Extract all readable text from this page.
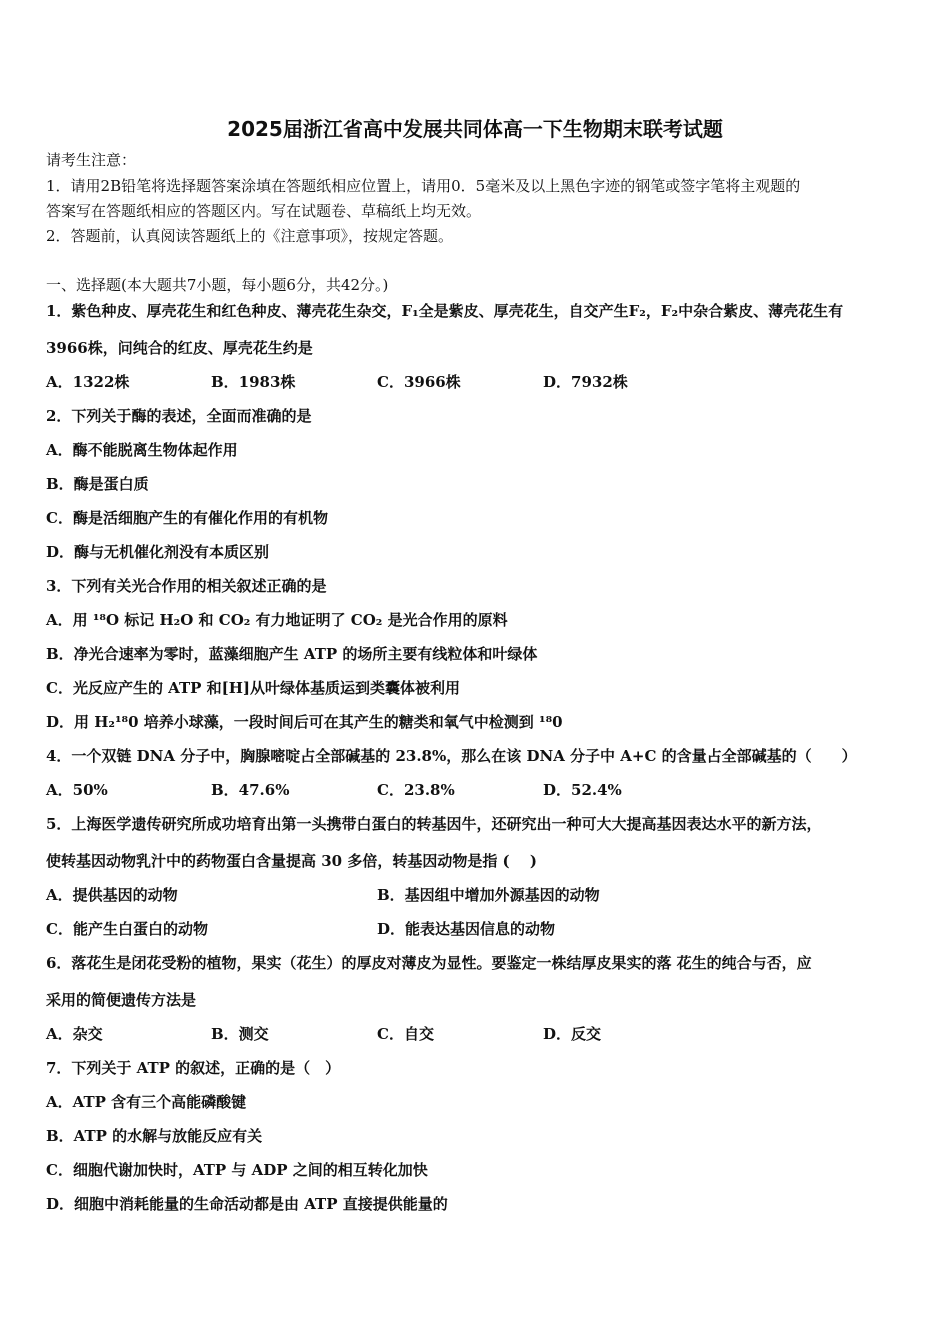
2025届浙江省高中发展共同体高一下生物期末联考试题
请考生注意：
1．请用2B铅笔将选择题答案涂填在答题纸相应位置上，请用0．5毫米及以上黑色字迹的钢笔或签字笔将主观题的
答案写在答题纸相应的答题区内。写在试题卷、草稿纸上均无效。
2．答题前，认真阅读答题纸上的《注意事项》，按规定答题。
一、选择题(本大题共7小题，每小题6分，共42分。)
1．紫色种皮、厚壳花生和红色种皮、薄壳花生杂交，F₁全是紫皮、厚壳花生，自交产生F₂，F₂中杂合紫皮、薄壳花生有
3966株，问纯合的红皮、厚壳花生约是
A．1322株	B．1983株	C．3966株	D．7932株
2．下列关于酶的表述，全面而准确的是
A．酶不能脱离生物体起作用
B．酶是蛋白质
C．酶是活细胞产生的有催化作用的有机物
D．酶与无机催化剂没有本质区别
3．下列有关光合作用的相关叙述正确的是
A．用 ¹⁸O 标记 H₂O 和 CO₂ 有力地证明了 CO₂ 是光合作用的原料
B．净光合速率为零时，蓝藻细胞产生 ATP 的场所主要有线粒体和叶绿体
C．光反应产生的 ATP 和[H]从叶绿体基质运到类囊体被利用
D．用 H₂¹⁸0 培养小球藻，一段时间后可在其产生的糖类和氧气中检测到 ¹⁸0
4．一个双链 DNA 分子中，胸腺嘧啶占全部碱基的 23.8%，那么在该 DNA 分子中 A+C 的含量占全部碱基的（　　）
A．50%	B．47.6%	C．23.8%	D．52.4%
5．上海医学遗传研究所成功培育出第一头携带白蛋白的转基因牛，还研究出一种可大大提高基因表达水平的新方法，
使转基因动物乳汁中的药物蛋白含量提高 30 多倍，转基因动物是指 (　 )
A．提供基因的动物	B．基因组中增加外源基因的动物
C．能产生白蛋白的动物	D．能表达基因信息的动物
6．落花生是闭花受粉的植物，果实（花生）的厚皮对薄皮为显性。要鉴定一株结厚皮果实的落 花生的纯合与否，应
采用的简便遗传方法是
A．杂交	B．测交	C．自交	D．反交
7．下列关于 ATP 的叙述，正确的是（　）
A．ATP 含有三个高能磷酸键
B．ATP 的水解与放能反应有关
C．细胞代谢加快时，ATP 与 ADP 之间的相互转化加快
D．细胞中消耗能量的生命活动都是由 ATP 直接提供能量的
